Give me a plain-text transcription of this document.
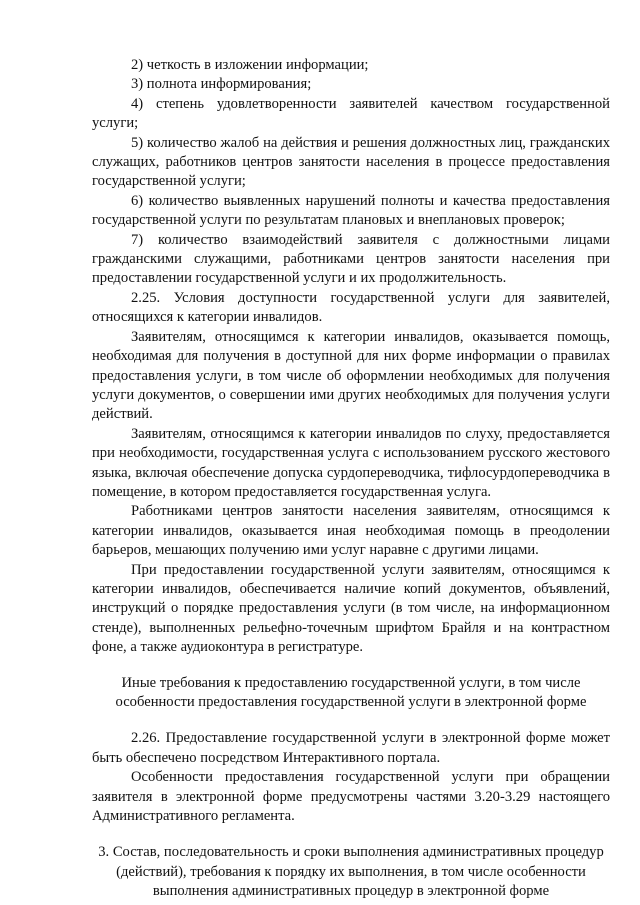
2) четкость в изложении информации;

3) полнота информирования;

4) степень удовлетворенности заявителей качеством государственной услуги;

5) количество жалоб на действия и решения должностных лиц, гражданских служащих, работников центров занятости населения в процессе предоставления государственной услуги;

6) количество выявленных нарушений полноты и качества предоставления государственной услуги по результатам плановых и внеплановых проверок;

7) количество взаимодействий заявителя с должностными лицами гражданскими служащими, работниками центров занятости населения при предоставлении государственной услуги и их продолжительность.

2.25. Условия доступности государственной услуги для заявителей, относящихся к категории инвалидов.

Заявителям, относящимся к категории инвалидов, оказывается помощь, необходимая для получения в доступной для них форме информации о правилах предоставления услуги, в том числе об оформлении необходимых для получения услуги документов, о совершении ими других необходимых для получения услуги действий.

Заявителям, относящимся к категории инвалидов по слуху, предоставляется при необходимости, государственная услуга с использованием русского жестового языка, включая обеспечение допуска сурдопереводчика, тифлосурдопереводчика в помещение, в котором предоставляется государственная услуга.

Работниками центров занятости населения заявителям, относящимся к категории инвалидов, оказывается иная необходимая помощь в преодолении барьеров, мешающих получению ими услуг наравне с другими лицами.

При предоставлении государственной услуги заявителям, относящимся к категории инвалидов, обеспечивается наличие копий документов, объявлений, инструкций о порядке предоставления услуги (в том числе, на информационном стенде), выполненных рельефно-точечным шрифтом Брайля и на контрастном фоне, а также аудиоконтура в регистратуре.

Иные требования к предоставлению государственной услуги, в том числе особенности предоставления государственной услуги в электронной форме

2.26. Предоставление государственной услуги в электронной форме может быть обеспечено посредством Интерактивного портала.

Особенности предоставления государственной услуги при обращении заявителя в электронной форме предусмотрены частями 3.20-3.29 настоящего Административного регламента.

3. Состав, последовательность и сроки выполнения административных процедур (действий), требования к порядку их выполнения, в том числе особенности выполнения административных процедур в электронной форме
